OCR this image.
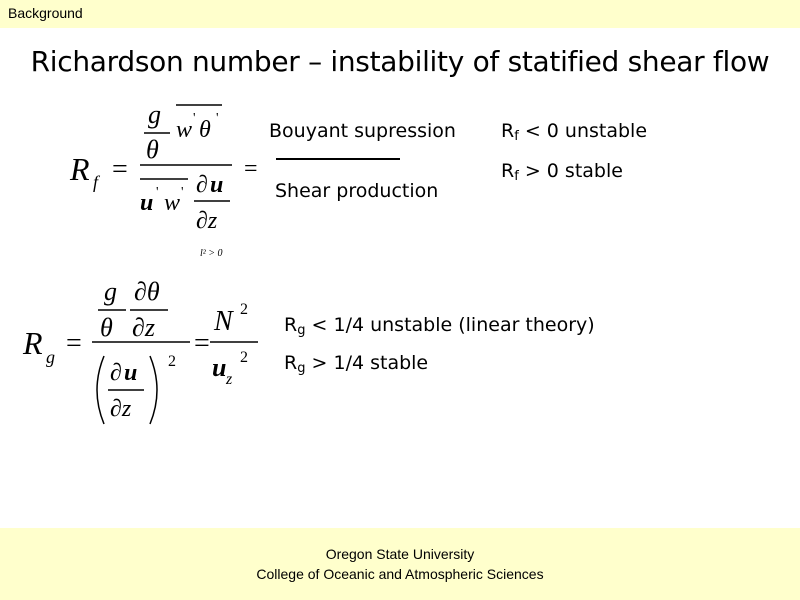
Background
Richardson number – instability of statified shear flow
R f =
g
θ
w ' θ '
u ' w ' ∂ u
∂z
=
Bouyant supression
Shear production
$R_f < 0$ unstable
$R_f > 0$ stable
l² > 0
R g =
g
θ
∂θ
∂z
∂ u
∂z
2
=
N 2
u z
2
$R_g < 1/4$ unstable (linear theory)
$R_g > 1/4$ stable
Oregon State University
College of Oceanic and Atmospheric Sciences
